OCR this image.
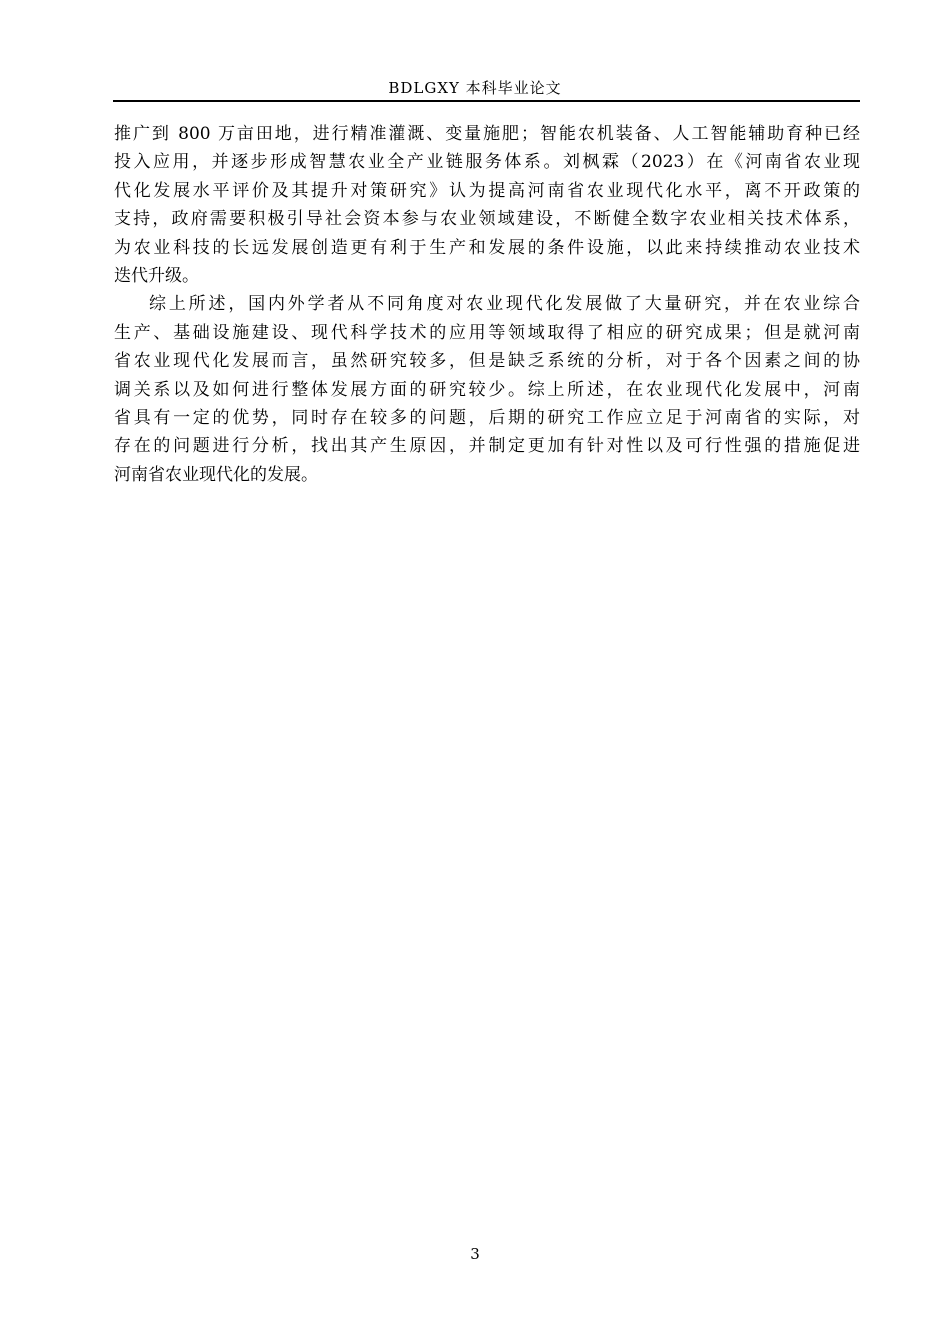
BDLGXY 本科毕业论文
推广到 800 万亩田地，进行精准灌溉、变量施肥；智能农机装备、人工智能辅助育种已经
投入应用，并逐步形成智慧农业全产业链服务体系。刘枫霖（2023）在《河南省农业现
代化发展水平评价及其提升对策研究》认为提高河南省农业现代化水平，离不开政策的
支持，政府需要积极引导社会资本参与农业领域建设，不断健全数字农业相关技术体系，
为农业科技的长远发展创造更有利于生产和发展的条件设施，以此来持续推动农业技术
迭代升级。
综上所述，国内外学者从不同角度对农业现代化发展做了大量研究，并在农业综合
生产、基础设施建设、现代科学技术的应用等领域取得了相应的研究成果；但是就河南
省农业现代化发展而言，虽然研究较多，但是缺乏系统的分析，对于各个因素之间的协
调关系以及如何进行整体发展方面的研究较少。综上所述，在农业现代化发展中，河南
省具有一定的优势，同时存在较多的问题，后期的研究工作应立足于河南省的实际，对
存在的问题进行分析，找出其产生原因，并制定更加有针对性以及可行性强的措施促进
河南省农业现代化的发展。
3
